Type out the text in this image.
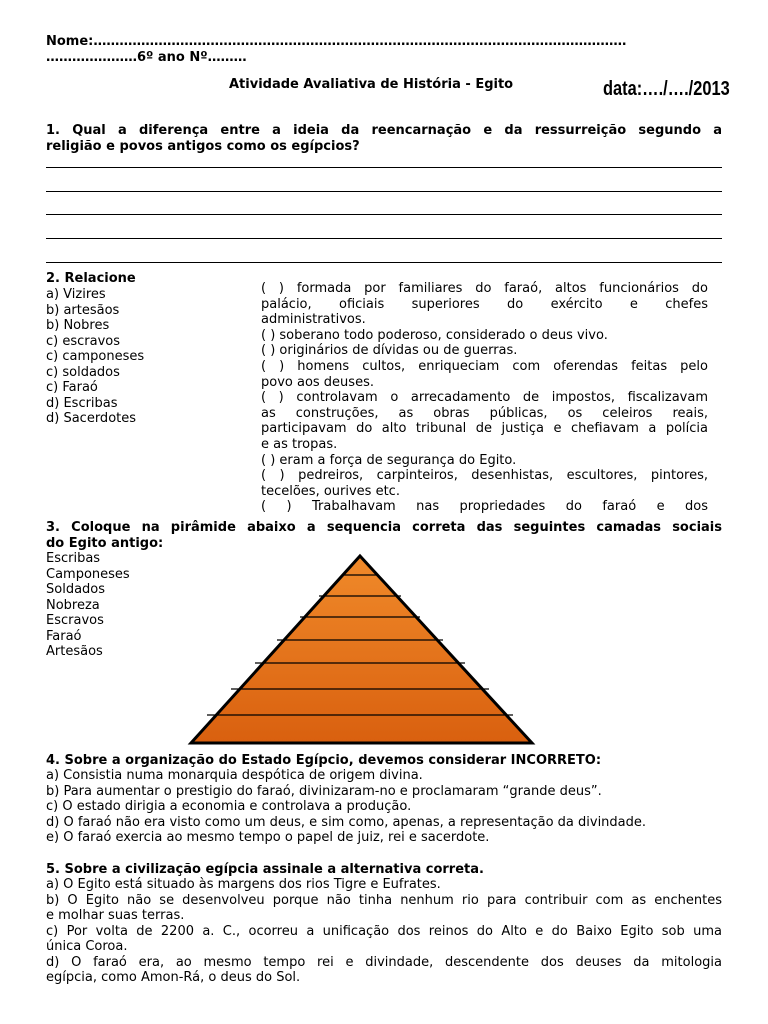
Nome:……………………………………………………………………………………………………………
…………………6º ano Nº………
Atividade Avaliativa de História - Egito	data:…./…./2013
1. Qual a diferença entre a ideia da reencarnação e da ressurreição segundo a
religião e povos antigos como os egípcios?
2. Relacione
a) Vizires
b) artesãos
b) Nobres
c) escravos
c) camponeses
c) soldados
c) Faraó
d) Escribas
d) Sacerdotes
( ) formada por familiares do faraó, altos funcionários do
palácio, oficiais superiores do exército e chefes
administrativos.
( ) soberano todo poderoso, considerado o deus vivo.
( ) originários de dívidas ou de guerras.
( ) homens cultos, enriqueciam com oferendas feitas pelo
povo aos deuses.
( ) controlavam o arrecadamento de impostos, fiscalizavam
as construções, as obras públicas, os celeiros reais,
participavam do alto tribunal de justiça e chefiavam a polícia
e as tropas.
( ) eram a força de segurança do Egito.
( ) pedreiros, carpinteiros, desenhistas, escultores, pintores,
tecelões, ourives etc.
( ) Trabalhavam nas propriedades do faraó e dos
3. Coloque na pirâmide abaixo a sequencia correta das seguintes camadas sociais
do Egito antigo:
Escribas
Camponeses
Soldados
Nobreza
Escravos
Faraó
Artesãos
4. Sobre a organização do Estado Egípcio, devemos considerar INCORRETO:
a) Consistia numa monarquia despótica de origem divina.
b) Para aumentar o prestigio do faraó, divinizaram-no e proclamaram “grande deus”.
c) O estado dirigia a economia e controlava a produção.
d) O faraó não era visto como um deus, e sim como, apenas, a representação da divindade.
e) O faraó exercia ao mesmo tempo o papel de juiz, rei e sacerdote.
5. Sobre a civilização egípcia assinale a alternativa correta.
a) O Egito está situado às margens dos rios Tigre e Eufrates.
b) O Egito não se desenvolveu porque não tinha nenhum rio para contribuir com as enchentes
e molhar suas terras.
c) Por volta de 2200 a. C., ocorreu a unificação dos reinos do Alto e do Baixo Egito sob uma
única Coroa.
d) O faraó era, ao mesmo tempo rei e divindade, descendente dos deuses da mitologia
egípcia, como Amon-Rá, o deus do Sol.
